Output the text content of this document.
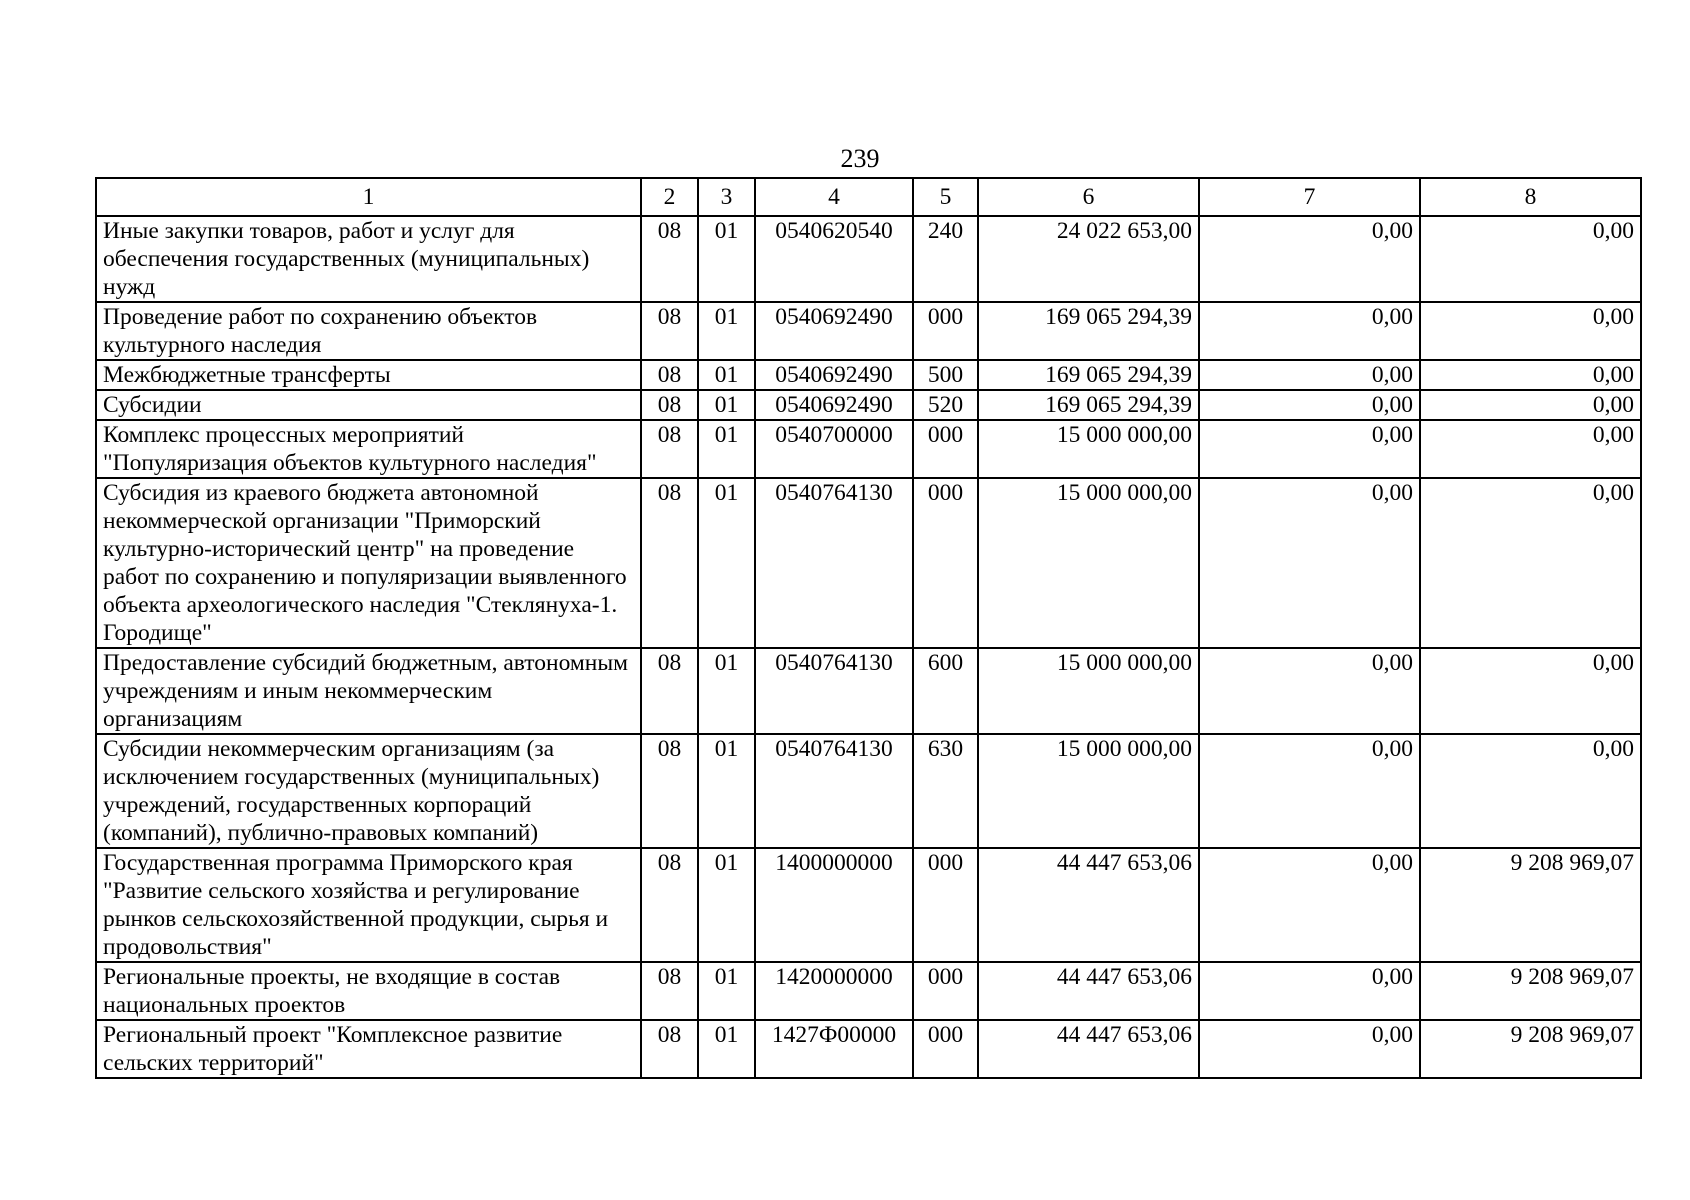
239
1	2	3	4	5	6	7	8
Иные закупки товаров, работ и услуг для обеспечения государственных (муниципальных) нужд	08	01	0540620540	240	24 022 653,00	0,00	0,00
Проведение работ по сохранению объектов культурного наследия	08	01	0540692490	000	169 065 294,39	0,00	0,00
Межбюджетные трансферты	08	01	0540692490	500	169 065 294,39	0,00	0,00
Субсидии	08	01	0540692490	520	169 065 294,39	0,00	0,00
Комплекс процессных мероприятий "Популяризация объектов культурного наследия"	08	01	0540700000	000	15 000 000,00	0,00	0,00
Субсидия из краевого бюджета автономной некоммерческой организации "Приморский культурно-исторический центр" на проведение работ по сохранению и популяризации выявленного объекта археологического наследия "Стеклянуха-1. Городище"	08	01	0540764130	000	15 000 000,00	0,00	0,00
Предоставление субсидий бюджетным, автономным учреждениям и иным некоммерческим организациям	08	01	0540764130	600	15 000 000,00	0,00	0,00
Субсидии некоммерческим организациям (за исключением государственных (муниципальных) учреждений, государственных корпораций (компаний), публично-правовых компаний)	08	01	0540764130	630	15 000 000,00	0,00	0,00
Государственная программа Приморского края "Развитие сельского хозяйства и регулирование рынков сельскохозяйственной продукции, сырья и продовольствия"	08	01	1400000000	000	44 447 653,06	0,00	9 208 969,07
Региональные проекты, не входящие в состав национальных проектов	08	01	1420000000	000	44 447 653,06	0,00	9 208 969,07
Региональный проект "Комплексное развитие сельских территорий"	08	01	1427Ф00000	000	44 447 653,06	0,00	9 208 969,07
